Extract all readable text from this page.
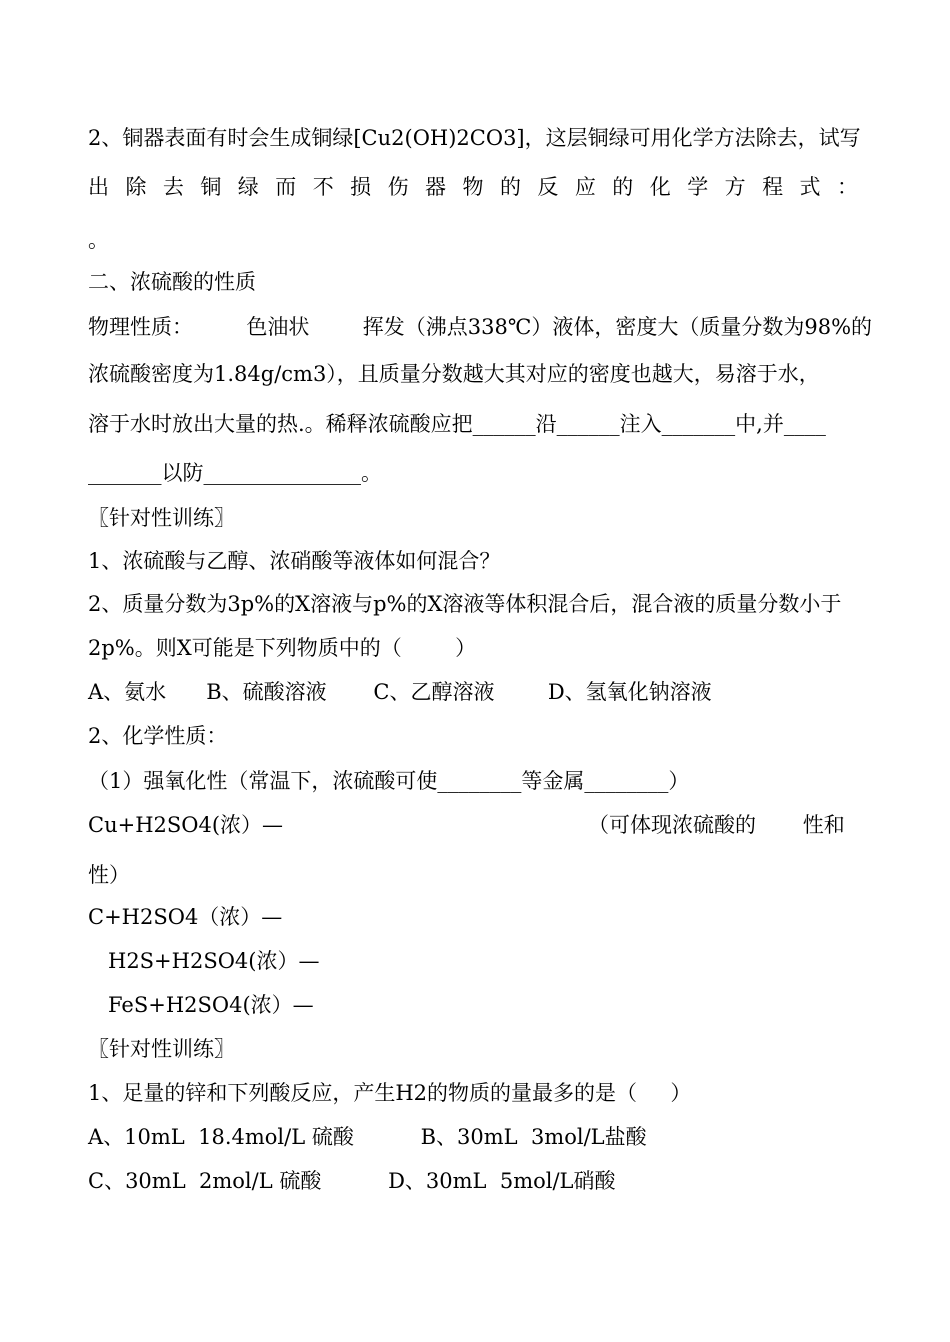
2、铜器表面有时会生成铜绿[Cu2(OH)2CO3]，这层铜绿可用化学方法除去，试写
出除去铜绿而不损伤器物的反应的化学方程式：
。
二、浓硫酸的性质
物理性质：        色油状        挥发（沸点338℃）液体，密度大（质量分数为98%的
浓硫酸密度为1.84g/cm3），且质量分数越大其对应的密度也越大，易溶于水，
溶于水时放出大量的热.。稀释浓硫酸应把______沿______注入_______中,并____
_______以防_______________。
〖针对性训练〗
1、浓硫酸与乙醇、浓硝酸等液体如何混合？
2、质量分数为3p%的X溶液与p%的X溶液等体积混合后，混合液的质量分数小于
2p%。则X可能是下列物质中的（        ）
A、氨水      B、硫酸溶液       C、乙醇溶液        D、氢氧化钠溶液
2、化学性质：
（1）强氧化性（常温下，浓硫酸可使________等金属________）
Cu+H2SO4(浓）—	（可体现浓硫酸的       性和
性）
C+H2SO4（浓）—
H2S+H2SO4(浓）—
FeS+H2SO4(浓）—
〖针对性训练〗
1、足量的锌和下列酸反应，产生H2的物质的量最多的是（     ）
A、10mL  18.4mol/L 硫酸          B、30mL  3mol/L盐酸
C、30mL  2mol/L 硫酸          D、30mL  5mol/L硝酸
